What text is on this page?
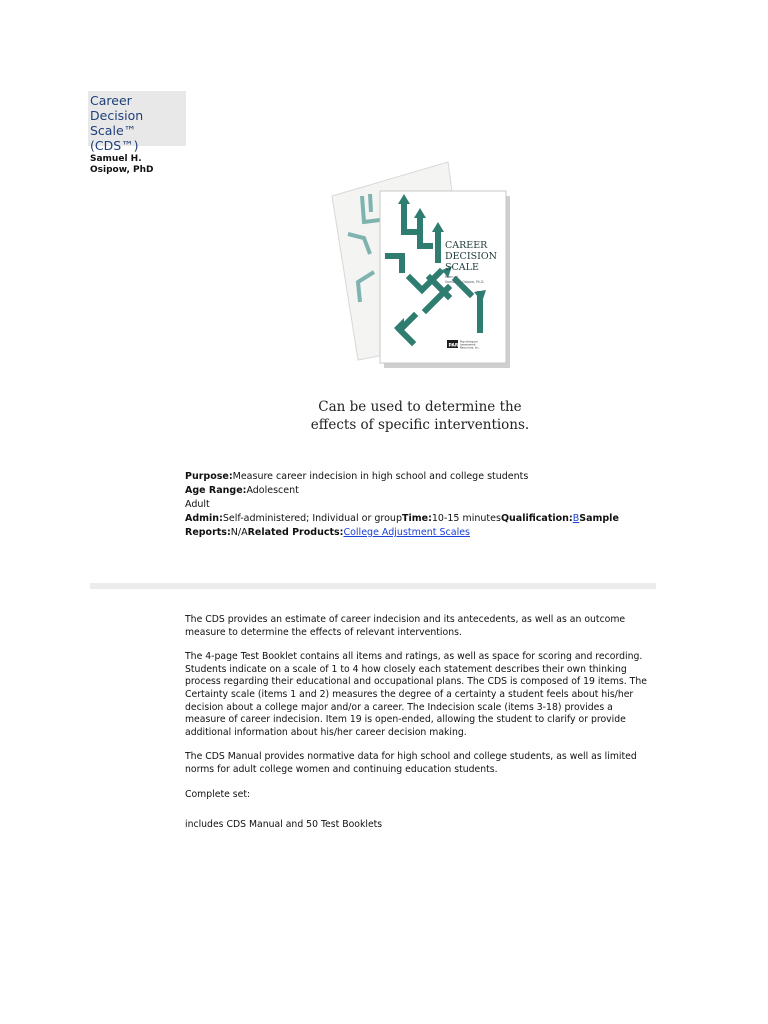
Career Decision Scale™ (CDS™)
Samuel H. Osipow, PhD
CAREER
DECISION
SCALE
Manual
Samuel H. Osipow, Ph.D.
PAR
Psychological
Assessment
Resources, Inc.
Can be used to determine the effects of specific interventions.
Purpose:Measure career indecision in high school and college students
Age Range:Adolescent
Adult
Admin:Self-administered; Individual or groupTime:10-15 minutesQualification:BSample
Reports:N/ARelated Products:College Adjustment Scales

The CDS provides an estimate of career indecision and its antecedents, as well as an outcome measure to determine the effects of relevant interventions.

The 4-page Test Booklet contains all items and ratings, as well as space for scoring and recording. Students indicate on a scale of 1 to 4 how closely each statement describes their own thinking process regarding their educational and occupational plans. The CDS is composed of 19 items. The Certainty scale (items 1 and 2) measures the degree of a certainty a student feels about his/her decision about a college major and/or a career. The Indecision scale (items 3-18) provides a measure of career indecision. Item 19 is open-ended, allowing the student to clarify or provide additional information about his/her career decision making.

The CDS Manual provides normative data for high school and college students, as well as limited norms for adult college women and continuing education students.

Complete set:

includes CDS Manual and 50 Test Booklets
